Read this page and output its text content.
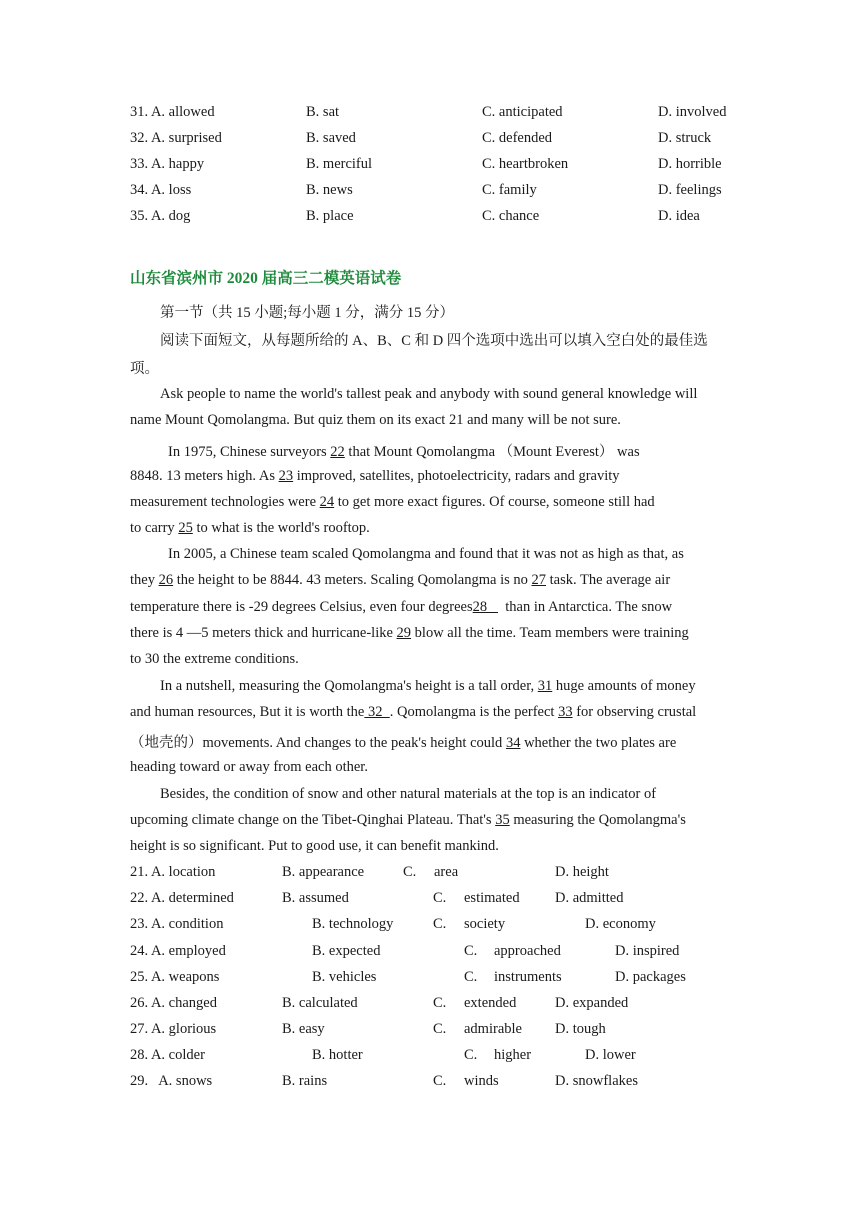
31. A. allowed	B. sat	C. anticipated	D. involved
32. A. surprised	B. saved	C. defended	D. struck
33. A. happy	B. merciful	C. heartbroken	D. horrible
34. A. loss	B. news	C. family	D. feelings
35. A. dog	B. place	C. chance	D. idea
山东省滨州市 2020 届高三二模英语试卷
第一节（共 15 小题;每小题 1 分，满分 15 分）
阅读下面短文，从每题所给的 A、B、C 和 D 四个选项中选出可以填入空白处的最佳选
项。
Ask people to name the world's tallest peak and anybody with sound general knowledge will
name Mount Qomolangma. But quiz them on its exact 21 and many will be not sure.
In 1975, Chinese surveyors 22 that Mount Qomolangma （Mount Everest） was
8848. 13 meters high. As 23 improved, satellites, photoelectricity, radars and gravity
measurement technologies were 24 to get more exact figures. Of course, someone still had
to carry 25 to what is the world's rooftop.
In 2005, a Chinese team scaled Qomolangma and found that it was not as high as that, as
they 26 the height to be 8844. 43 meters. Scaling Qomolangma is no 27 task. The average air
temperature there is -29 degrees Celsius, even four degrees28     than in Antarctica. The snow
there is 4 —5 meters thick and hurricane-like 29 blow all the time. Team members were training
to 30 the extreme conditions.
In a nutshell, measuring the Qomolangma's height is a tall order, 31 huge amounts of money
and human resources, But it is worth the 32  . Qomolangma is the perfect 33 for observing crustal
（地壳的）movements. And changes to the peak's height could 34 whether the two plates are
heading toward or away from each other.
Besides, the condition of snow and other natural materials at the top is an indicator of
upcoming climate change on the Tibet-Qinghai Plateau. That's 35 measuring the Qomolangma's
height is so significant. Put to good use, it can benefit mankind.
21. A. location	B. appearance	C. area	D. height
22. A. determined	B. assumed	C. estimated D. admitted
23. A. condition	B. technology	C. society	D. economy
24. A. employed	B. expected	C. approached	D. inspired
25. A. weapons	B. vehicles	C. instruments	D. packages
26. A. changed	B. calculated	C. extended	D. expanded
27. A. glorious	B. easy	C. admirable D. tough
28. A. colder	B. hotter	C. higher	D. lower
29.   A. snows	B. rains	C. winds	D. snowflakes
